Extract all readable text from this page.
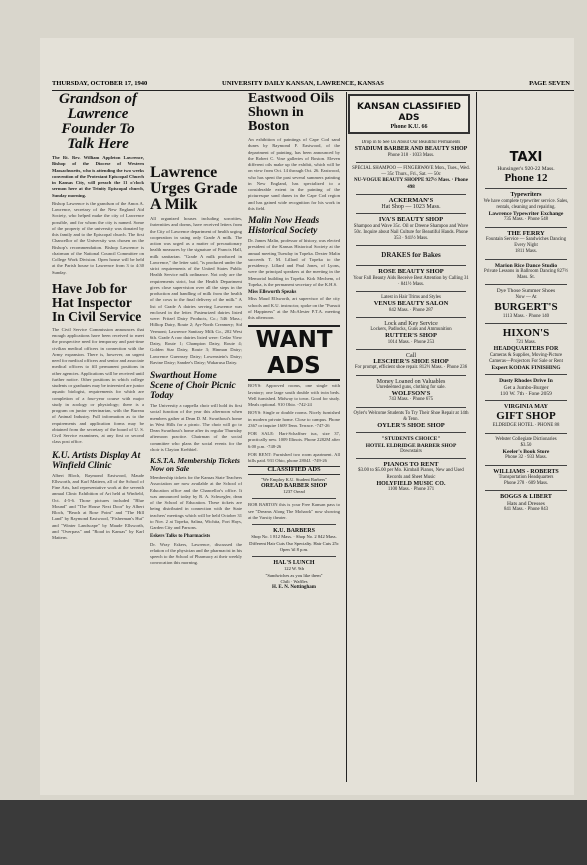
THURSDAY, OCTOBER 17, 1940	UNIVERSITY DAILY KANSAN, LAWRENCE, KANSAS	PAGE SEVEN
Grandson of Lawrence Founder To Talk Here

The Rt. Rev. William Appleton Lawrence, Bishop of the Diocese of Western Massachusetts, who is attending the two weeks convention of the Protestant Episcopal Church in Kansas City, will preach the 11 o'clock sermon here at the Trinity Episcopal church, Sunday morning.

Bishop Lawrence is the grandson of the Amos A. Lawrence, secretary of the New England Aid Society, who helped make the city of Lawrence possible, and for whom the city is named. Some of the property of the university was donated by this family and to the Episcopal church. The first Chancellor of the University was chosen on the Bishop's recommendation. Bishop Lawrence is chairman of the National Council Committee on College Work Division. Open house will be held at the Parish house to Lawrence from 3 to 4:30 Sunday.

Have Job for Hat Inspector In Civil Service

The Civil Service Commission announces that enough applications have been received to meet the prospective need for temporary and part-time civilian medical officers in connection with the Army expansion. There is, however, an urgent need for medical officers and senior and associate medical officers to fill permanent positions in other agencies. Applications will be received until further notice. Other positions in which college students or graduates may be interested are junior aquatic biologist, requirements for which are completion of a four-year course with major study in zoology or physiology; there is a program on junior veterinarian, with the Bureau of Animal Industry. Full information as to the requirements and application forms may be obtained from the secretary of the board of U. S. Civil Service examiners, at any first or second class post office.

K.U. Artists Display At Winfield Clinic

Albert Bloch, Raymond Eastwood, Maude Ellsworth, and Karl Mattern, all of the School of Fine Arts, had representative work at the seventh annual Clinic Exhibition of Art held at Winfield, Oct. 4-5-6. Those pictures included "Blue Mound" and "The House Next Door" by Albert Bloch, "Beach at Rose Point" and "The Hill Land" by Raymond Eastwood, "Fisherman's Hut" and "Winter Landscape" by Maude Ellsworth, and "Overpass" and "Road in Kansas" by Karl Mattern.

Lawrence Urges Grade A Milk

All organized houses including sororities, fraternities and dorms, have received letters from the City of Lawrence department of health urging cooperation in using only Grade A milk. The action was urged as a matter of precautionary health measures by the signature of Francis Hall, milk sanitarian. "Grade A milk produced in Lawrence," the letter said, "is produced under the strict requirements of the United States Public Health Service milk ordinance. Not only are the requirements strict, but the Health Department gives close supervision over all the steps in the production and handling of milk from the health of the cows to the final delivery of the milk." A list of Grade A dairies serving Lawrence was enclosed in the letter. Pasteurized dairies listed were: Fritzel Dairy Products, Co.; 546 Mass.; Hilltop Dairy, Route 2; Ayr-North Creamery; Sid Vermont; Lawrence Sanitary Milk Co., 202 West 6th. Grade A raw dairies listed were: Cedar View Dairy, Route 1; Champion Dairy, Route 4; Golden Star Dairy, Route 3; Hinman Dairy; Lawrence Guernsey Dairy; Lowenstein's Dairy; Ravine Dairy; Sandee's Dairy; Wakarusa Dairy.

Swarthout Home Scene of Choir Picnic Today

The University a cappella choir will hold its first social function of the year this afternoon when members gather at Dean D. M. Swarthout's home in West Hills for a picnic. The choir will go to Dean Swarthout's home after its regular Thursday afternoon practice. Chairman of the social committee who plans the social events for the choir is Clayton Krehbiel.

K.S.T.A. Membership Tickets Now on Sale

Membership tickets for the Kansas State Teachers Association are now available at the School of Education office and the Chancellor's office. It was announced today by R. A. Schwegler, dean of the School of Education. These tickets are being distributed in connection with the State teachers' meetings which will be held October 31 to Nov. 2 at Topeka, Salina, Wichita, Fort Hays, Garden City and Parsons.

Eskers Talks to Pharmacists

Dr. Wray Eskers, Lawrence, discussed the relation of the physician and the pharmacist in his speech to the School of Pharmacy at their weekly convocation this morning.

Eastwood Oils Shown in Boston

An exhibition of paintings of Cape Cod sand dunes by Raymond F. Eastwood, of the department of painting, has been announced by the Robert C. Vose galleries of Boston. Eleven different oils make up the exhibit, which will be on view from Oct. 14 through Oct. 26. Eastwood, who has spent the past several summers painting in New England, has specialized to a considerable extent in the painting of the picturesque sand dunes in the Cape Cod region and has gained wide recognition for his work in this field.

Malin Now Heads Historical Society

Dr. James Malin, professor of history, was elected president of the Kansas Historical Society at the annual meeting Tuesday in Topeka. Dexter Malin succeeds T. M. Lillard of Topeka to the presidency. Lillard and Paul Jones, of Lyons, were the principal speakers at the meeting in the Memorial building in Topeka. Kirk Mechem, of Topeka, is the permanent secretary of the K.H.S.

Miss Ellsworth Speaks

Miss Maud Ellsworth, art supervisor of the city schools and K.U. instructor, spoke on the "Pursuit of Happiness" at the McAlester P.T.A. meeting this afternoon.

WANT ADS

BOYS: Approved rooms, one single with lavatory; one large south double with twin beds. Well furnished. Midway to town. Good for study. Meals optional. 910 Ohio. -742-24

BOYS: Single or double rooms. Nicely furnished in modern private home. Close to campus. Phone 2367 or inquire 1609 Tenn. Terrace. -747-26

FOR SALE: Hart-Schaffner tux, size 37, practically new. 1009 Illinois. Phone 2282M after 6:00 p.m. -748-26

FOR RENT: Furnished two room apartment. All bills paid. 931 Ohio, phone 2804J. -749-26

CLASSIFIED ADS
"We Employ K.U. Student Barbers"
OREAD BARBER SHOP
1237 Oread

BOB BARTON this is your Free Kansan pass to see "Dreams Along The Mohawk" now showing at the Varsity theater.

K.U. BARBERS
Shop No. 1 812 Mass. · Shop No. 2 842 Mass. Different Hair Cuts Our Specialty. Hair Cuts 25c Open 'til 8 p.m.
HAL'S LUNCH
122 W. 9th
"Sandwiches as you like them"
Chili · Waffles
H. E. N. Nottingham
KANSAN CLASSIFIED ADS
Phone K.U. 66
Drop in to See Us About Our Beautiful Permanents
STADIUM BARBER AND BEAUTY SHOP
Phone 318 · 1033 Mass.
SPECIAL SHAMPOO — FINGERWAVE Mon., Tues., Wed. — 35c Thurs., Fri., Sat. — 50c
NU-VOGUE BEAUTY SHOPPE 927½ Mass. · Phone 498
ACKERMAN'S
Hat Shop — 1023 Mass.
IVA'S BEAUTY SHOP
Shampoo and Wave 35c. Oil or Dreene Shampoo and Wave 50c. Inquire about Nail Culture for Beautiful Hands. Phone 353 · 941½ Mass.
DRAKES for Bakes
ROSE BEAUTY SHOP
Your Fall Beauty Aids Receive Best Attention by Calling 31 · 841½ Mass.
Latest in Hair Trims and Styles
VENUS BEAUTY SALON
842 Mass. · Phone 287
Lock and Key Service
Lockers, Padlocks, Guns and Ammunition
RUTTER'S SHOP
1014 Mass. · Phone 253
Call
LESCHER'S SHOE SHOP
For prompt, efficient shoe repair. 812½ Mass. · Phone 236
Money Loaned on Valuables
Unredeemed guns, clothing for sale.
WOLFSON'S
743 Mass. · Phone 675
Oyler's Welcome Students To Try Their Shoe Repair at 14th & Tenn.
OYLER'S SHOE SHOP
"STUDENTS CHOICE"
HOTEL ELDRIDGE BARBER SHOP
Downstairs
PIANOS TO RENT
$3.00 to $5.00 per Mo. Kimball Pianos, New and Used Records and Sheet Music
HOLYFIELD MUSIC CO.
1100 Mass. · Phone 371
TAXI
Hunsinger's 920-22 Mass.
Phone 12
Typewriters
We have complete typewriter service. Sales, rentals, cleaning and repairing.
Lawrence Typewriter Exchange
735 Mass. · Phone 548
THE FERRY
Fountain Service — Sandwiches Dancing Every Night
1811 Mass.
Marion Rice Dance Studio
Private Lessons in Ballroom Dancing 827½ Mass. St.
Dye Those Summer Shoes
Now — At
BURGERT'S
1113 Mass. · Phone 140
HIXON'S
721 Mass.
HEADQUARTERS FOR
Cameras & Supplies, Moving-Picture Cameras—Projectors For Sale or Rent
Expert KODAK FINISHING
Dusty Rhodes Drive In
Get a Jumbo-Burger
110 W. 7th · Fone 2059
VIRGINIA MAY
GIFT SHOP
ELDRIDGE HOTEL · PHONE 88
Webster Collegiate Dictionaries
$3.50
Keeler's Book Store
Phone 32 · 933 Mass.
WILLIAMS - ROBERTS
Transportation Headquarters
Phone 278 · 609 Mass.
BOGGS & LIBERT
Hats and Dresses
841 Mass. · Phone 843
